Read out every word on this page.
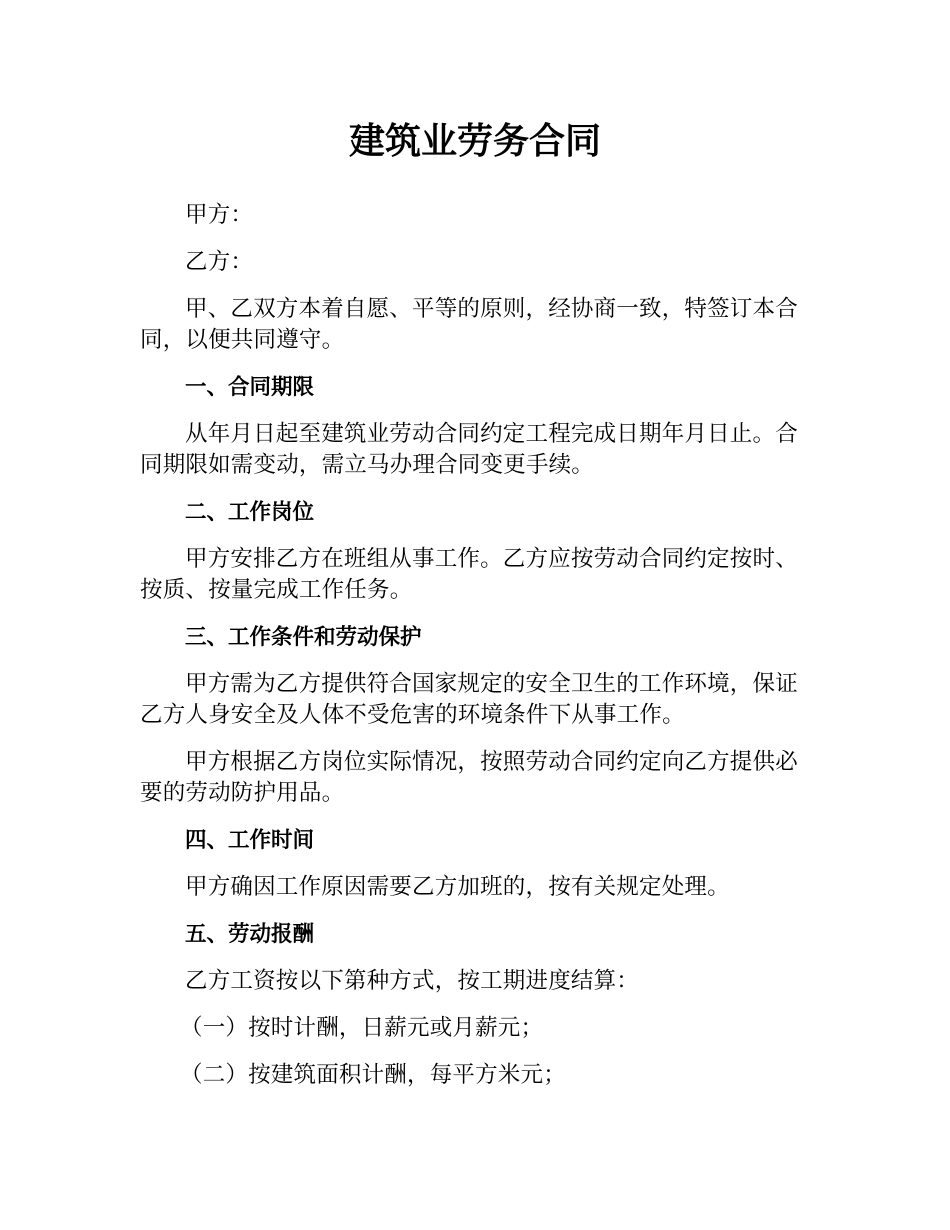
建筑业劳务合同

甲方：

乙方：

甲、乙双方本着自愿、平等的原则，经协商一致，特签订本合同，以便共同遵守。

一、合同期限

从年月日起至建筑业劳动合同约定工程完成日期年月日止。合同期限如需变动，需立马办理合同变更手续。

二、工作岗位

甲方安排乙方在班组从事工作。乙方应按劳动合同约定按时、按质、按量完成工作任务。

三、工作条件和劳动保护

甲方需为乙方提供符合国家规定的安全卫生的工作环境，保证乙方人身安全及人体不受危害的环境条件下从事工作。

甲方根据乙方岗位实际情况，按照劳动合同约定向乙方提供必要的劳动防护用品。

四、工作时间

甲方确因工作原因需要乙方加班的，按有关规定处理。

五、劳动报酬

乙方工资按以下第种方式，按工期进度结算：

（一）按时计酬，日薪元或月薪元；

（二）按建筑面积计酬，每平方米元；
